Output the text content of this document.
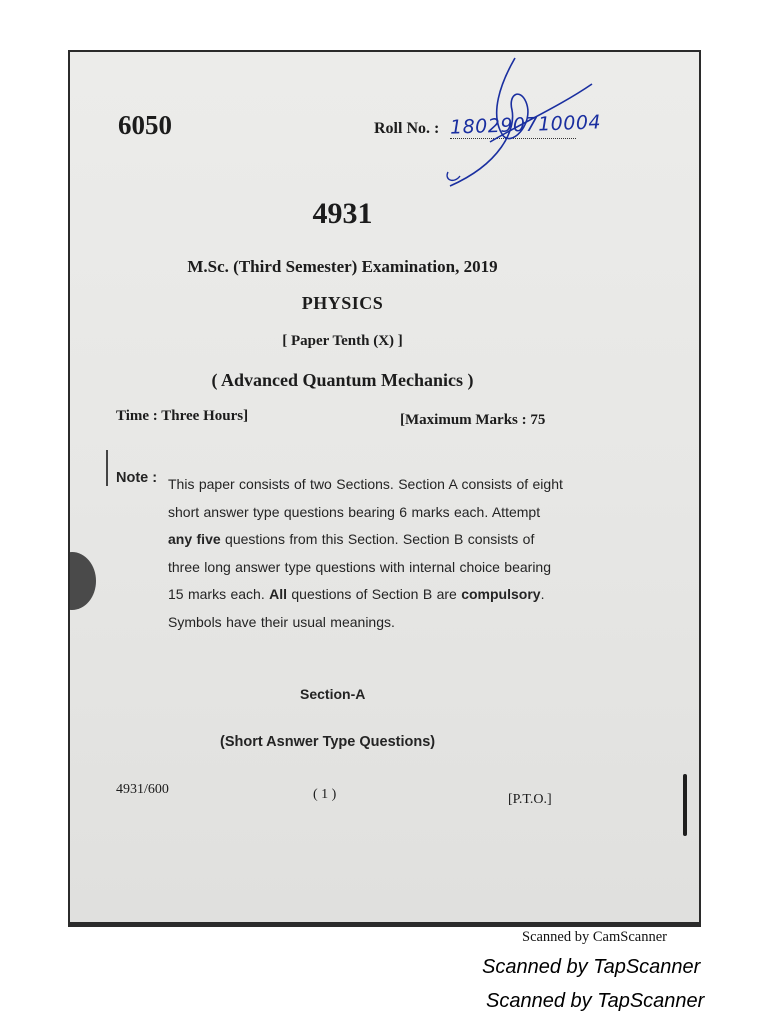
6050	Roll No. : 180290710004
4931
M.Sc. (Third Semester) Examination, 2019
PHYSICS
[ Paper Tenth (X) ]
( Advanced Quantum Mechanics )
Time : Three Hours]	[Maximum Marks : 75
Note : This paper consists of two Sections. Section A consists of eight short answer type questions bearing 6 marks each. Attempt any five questions from this Section. Section B consists of three long answer type questions with internal choice bearing 15 marks each. All questions of Section B are compulsory. Symbols have their usual meanings.
Section-A
(Short Asnwer Type Questions)
4931/600	( 1 )	[P.T.O.]
Scanned by CamScanner
Scanned by TapScanner
Scanned by TapScanner
